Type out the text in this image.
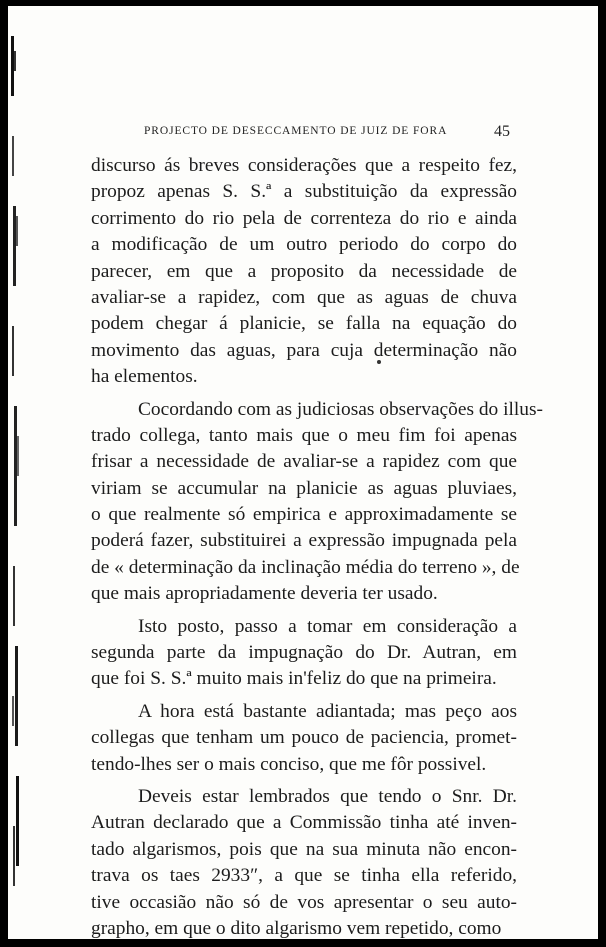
PROJECTO DE DESECCAMENTO DE JUIZ DE FORA	45
discurso ás breves considerações que a respeito fez,
propoz apenas S. S.ª a substituição da expressão
corrimento do rio pela de correnteza do rio e ainda
a modificação de um outro periodo do corpo do
parecer, em que a proposito da necessidade de
avaliar-se a rapidez, com que as aguas de chuva
podem chegar á planicie, se falla na equação do
movimento das aguas, para cuja determinação não
ha elementos.
Cocordando com as judiciosas observações do illus-
trado collega, tanto mais que o meu fim foi apenas
frisar a necessidade de avaliar-se a rapidez com que
viriam se accumular na planicie as aguas pluviaes,
o que realmente só empirica e approximadamente se
poderá fazer, substituirei a expressão impugnada pela
de « determinação da inclinação média do terreno », de
que mais apropriadamente deveria ter usado.
Isto posto, passo a tomar em consideração a
segunda parte da impugnação do Dr. Autran, em
que foi S. S.ª muito mais in'feliz do que na primeira.
A hora está bastante adiantada; mas peço aos
collegas que tenham um pouco de paciencia, promet-
tendo-lhes ser o mais conciso, que me fôr possivel.
Deveis estar lembrados que tendo o Snr. Dr.
Autran declarado que a Commissão tinha até inven-
tado algarismos, pois que na sua minuta não encon-
trava os taes 2933″, a que se tinha ella referido,
tive occasião não só de vos apresentar o seu auto-
grapho, em que o dito algarismo vem repetido, como
